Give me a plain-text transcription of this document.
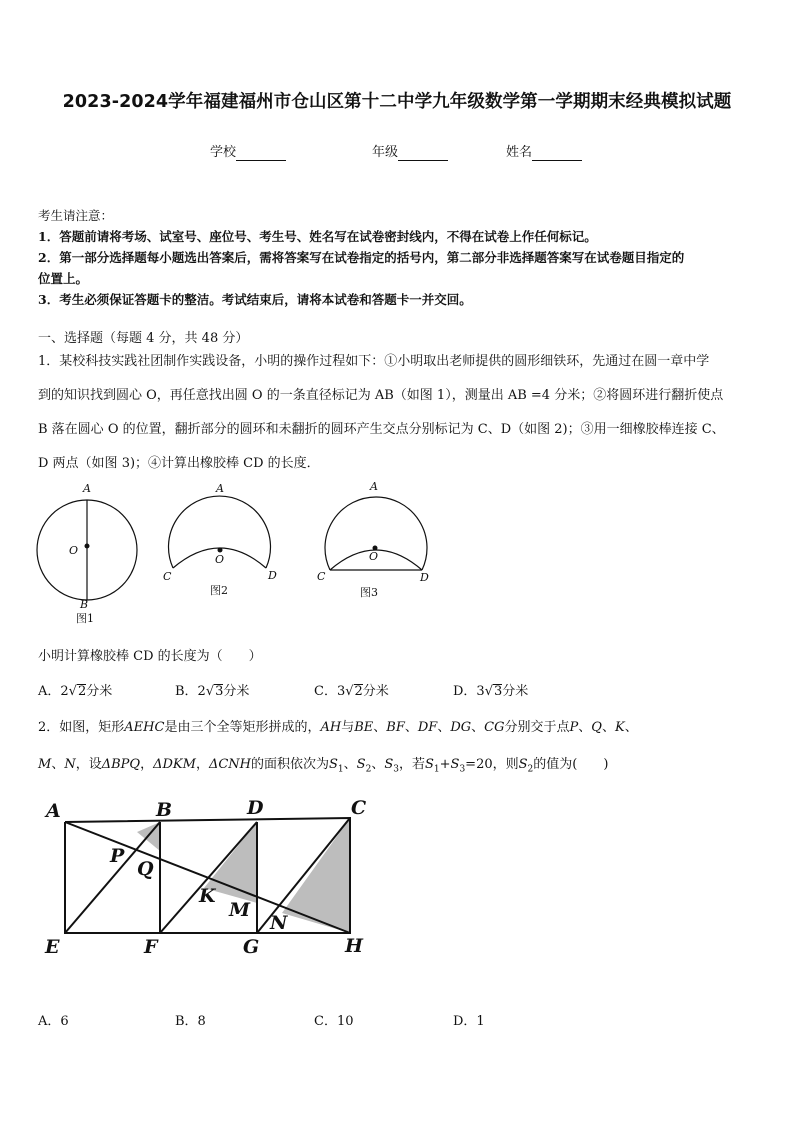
2023-2024学年福建福州市仓山区第十二中学九年级数学第一学期期末经典模拟试题
学校	年级	姓名
考生请注意：
1．答题前请将考场、试室号、座位号、考生号、姓名写在试卷密封线内，不得在试卷上作任何标记。
2．第一部分选择题每小题选出答案后，需将答案写在试卷指定的括号内，第二部分非选择题答案写在试卷题目指定的
位置上。
3．考生必须保证答题卡的整洁。考试结束后，请将本试卷和答题卡一并交回。
一、选择题（每题 4 分，共 48 分）
1．某校科技实践社团制作实践设备，小明的操作过程如下：①小明取出老师提供的圆形细铁环，先通过在圆一章中学
到的知识找到圆心 O，再任意找出圆 O 的一条直径标记为 AB（如图 1），测量出 AB =4 分米；②将圆环进行翻折使点
B 落在圆心 O 的位置，翻折部分的圆环和未翻折的圆环产生交点分别标记为 C、D（如图 2)；③用一细橡胶棒连接 C、
D 两点（如图 3)；④计算出橡胶棒 CD 的长度．
A
O
B
图1
A
O
C	D
图2
A
O
C	D
图3
小明计算橡胶棒 CD 的长度为（　　）
A．2√2分米	B．2√3分米	C．3√2分米	D．3√3分米
2．如图，矩形AEHC是由三个全等矩形拼成的，AH与BE、BF、DF、DG、CG分别交于点P、Q、K、
M、N，设ΔBPQ，ΔDKM，ΔCNH的面积依次为$S_1$、$S_2$、$S_3$，若$S_1+S_3=20$，则$S_2$的值为(　　)
A	B	D	C
P
Q
K
M
N
E	F	G	H
A．6	B．8	C．10	D．1
